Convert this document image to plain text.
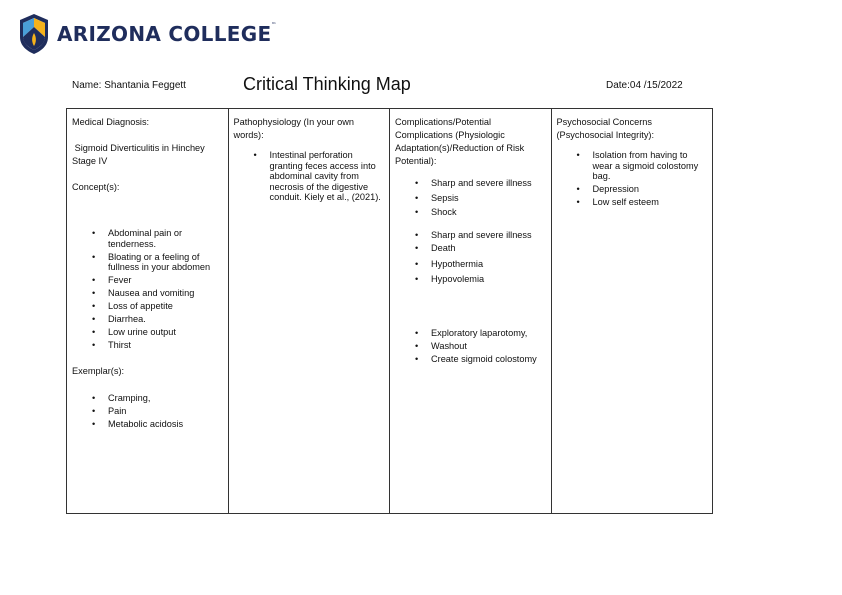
ARIZONA COLLEGE™
Name: Shantania Feggett	Critical Thinking Map	Date:04 /15/2022

Medical Diagnosis:

Sigmoid Diverticulitis in Hinchey
Stage IV

Concept(s):

• Abdominal pain or tenderness.
• Bloating or a feeling of fullness in your abdomen
• Fever
• Nausea and vomiting
• Loss of appetite
• Diarrhea.
• Low urine output
• Thirst

Exemplar(s):

• Cramping,
• Pain
• Metabolic acidosis

Pathophysiology (In your own words):

• Intestinal perforation granting feces access into abdominal cavity from necrosis of the digestive conduit. Kiely et al., (2021).

Complications/Potential Complications (Physiologic Adaptation(s)/Reduction of Risk Potential):

• Sharp and severe illness
• Sepsis
• Shock
• Sharp and severe illness
• Death
• Hypothermia
• Hypovolemia
• Exploratory laparotomy,
• Washout
• Create sigmoid colostomy

Psychosocial Concerns (Psychosocial Integrity):

• Isolation from having to wear a sigmoid colostomy bag.
• Depression
• Low self esteem
